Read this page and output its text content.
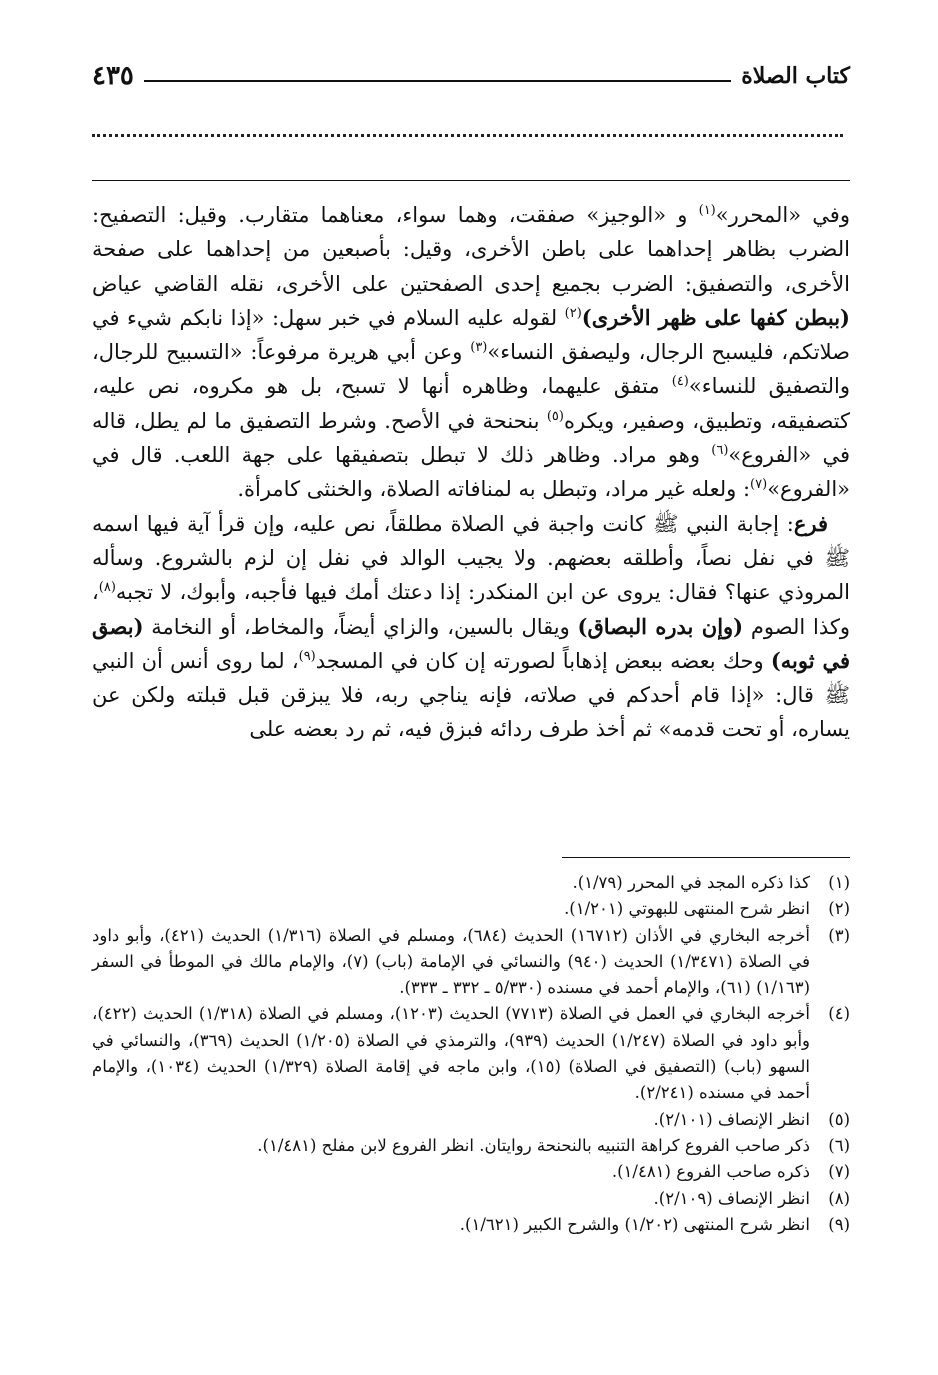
كتاب الصلاة
٤٣٥

وفي «المحرر»$^{(١)}$ و «الوجيز» صفقت، وهما سواء، معناهما متقارب. وقيل: التصفيح: الضرب بظاهر إحداهما على باطن الأخرى، وقيل: بأصبعين من إحداهما على صفحة الأخرى، والتصفيق: الضرب بجميع إحدى الصفحتين على الأخرى، نقله القاضي عياض (ببطن كفها على ظهر الأخرى)$^{(٢)}$ لقوله عليه السلام في خبر سهل: «إذا نابكم شيء في صلاتكم، فليسبح الرجال، وليصفق النساء»$^{(٣)}$ وعن أبي هريرة مرفوعاً: «التسبيح للرجال، والتصفيق للنساء»$^{(٤)}$ متفق عليهما، وظاهره أنها لا تسبح، بل هو مكروه، نص عليه، كتصفيقه، وتطبيق، وصفير، ويكره$^{(٥)}$ بنحنحة في الأصح. وشرط التصفيق ما لم يطل، قاله في «الفروع»$^{(٦)}$ وهو مراد. وظاهر ذلك لا تبطل بتصفيقها على جهة اللعب. قال في «الفروع»$^{(٧)}$: ولعله غير مراد، وتبطل به لمنافاته الصلاة، والخنثى كامرأة.

فرع: إجابة النبي ﷺ كانت واجبة في الصلاة مطلقاً، نص عليه، وإن قرأ آية فيها اسمه ﷺ في نفل نصاً، وأطلقه بعضهم. ولا يجيب الوالد في نفل إن لزم بالشروع. وسأله المروذي عنها؟ فقال: يروى عن ابن المنكدر: إذا دعتك أمك فيها فأجبه، وأبوك، لا تجبه$^{(٨)}$، وكذا الصوم (وإن بدره البصاق) ويقال بالسين، والزاي أيضاً، والمخاط، أو النخامة (بصق في ثوبه) وحك بعضه ببعض إذهاباً لصورته إن كان في المسجد$^{(٩)}$، لما روى أنس أن النبي ﷺ قال: «إذا قام أحدكم في صلاته، فإنه يناجي ربه، فلا يبزقن قبل قبلته ولكن عن يساره، أو تحت قدمه» ثم أخذ طرف ردائه فبزق فيه، ثم رد بعضه على

(١)
كذا ذكره المجد في المحرر (١/٧٩).
(٢)
انظر شرح المنتهى للبهوتي (١/٢٠١).
(٣)
أخرجه البخاري في الأذان (١٦٧١٢) الحديث (٦٨٤)، ومسلم في الصلاة (١/٣١٦) الحديث (٤٢١)، وأبو داود في الصلاة (١/٣٤٧١) الحديث (٩٤٠) والنسائي في الإمامة (باب) (٧)، والإمام مالك في الموطأ في السفر (١/١٦٣) (٦١)، والإمام أحمد في مسنده (٥/٣٣٠ ـ ٣٣٢ ـ ٣٣٣).
(٤)
أخرجه البخاري في العمل في الصلاة (٧٧١٣) الحديث (١٢٠٣)، ومسلم في الصلاة (١/٣١٨) الحديث (٤٢٢)، وأبو داود في الصلاة (١/٢٤٧) الحديث (٩٣٩)، والترمذي في الصلاة (١/٢٠٥) الحديث (٣٦٩)، والنسائي في السهو (باب) (التصفيق في الصلاة) (١٥)، وابن ماجه في إقامة الصلاة (١/٣٢٩) الحديث (١٠٣٤)، والإمام أحمد في مسنده (٢/٢٤١).
(٥)
انظر الإنصاف (٢/١٠١).
(٦)
ذكر صاحب الفروع كراهة التنبيه بالنحنحة روايتان. انظر الفروع لابن مفلح (١/٤٨١).
(٧)
ذكره صاحب الفروع (١/٤٨١).
(٨)
انظر الإنصاف (٢/١٠٩).
(٩)
انظر شرح المنتهى (١/٢٠٢) والشرح الكبير (١/٦٢١).
